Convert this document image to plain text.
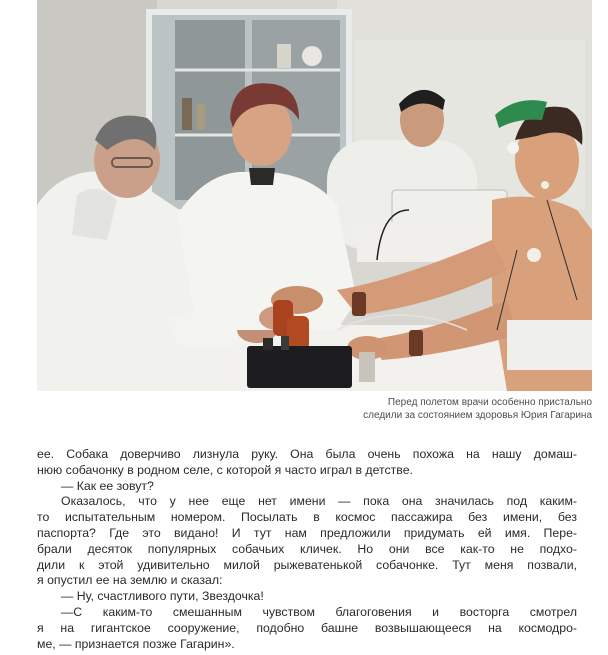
Перед полетом врачи особенно пристально
следили за состоянием здоровья Юрия Гагарина
ее. Собака доверчиво лизнула руку. Она была очень похожа на нашу домаш-
нюю собачонку в родном селе, с которой я часто играл в детстве.
— Как ее зовут?
Оказалось, что у нее еще нет имени — пока она значилась под каким-
то испытательным номером. Посылать в космос пассажира без имени, без
паспорта? Где это видано! И тут нам предложили придумать ей имя. Пере-
брали десяток популярных собачьих кличек. Но они все как-то не подхо-
дили к этой удивительно милой рыжеватенькой собачонке. Тут меня позвали,
я опустил ее на землю и сказал:
— Ну, счастливого пути, Звездочка!
—С каким-то смешанным чувством благоговения и восторга смотрел
я на гигантское сооружение, подобно башне возвышающееся на космодро-
ме, — признается позже Гагарин».
